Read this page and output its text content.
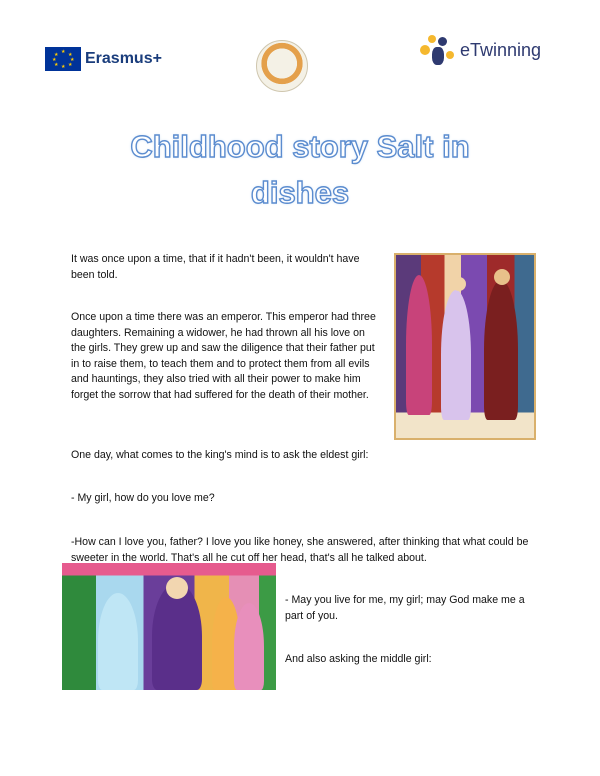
★ ★
★
★
★
★
★
★ Erasmus+	eTwinning
Childhood story Salt in
dishes
It was once upon a time, that if it hadn't been, it wouldn't have been told.
Once upon a time there was an emperor. This emperor had three daughters. Remaining a widower, he had thrown all his love on the girls. They grew up and saw the diligence that their father put in to raise them, to teach them and to protect them from all evils and hauntings, they also tried with all their power to make him forget the sorrow that had suffered for the death of their mother.
One day, what comes to the king's mind is to ask the eldest girl:
- My girl, how do you love me?
-How can I love you, father? I love you like honey, she answered, after thinking that what could be sweeter in the world. That's all he cut off her head, that's all he talked about.
- May you live for me, my girl; may God make me a part of you.
And also asking the middle girl:
